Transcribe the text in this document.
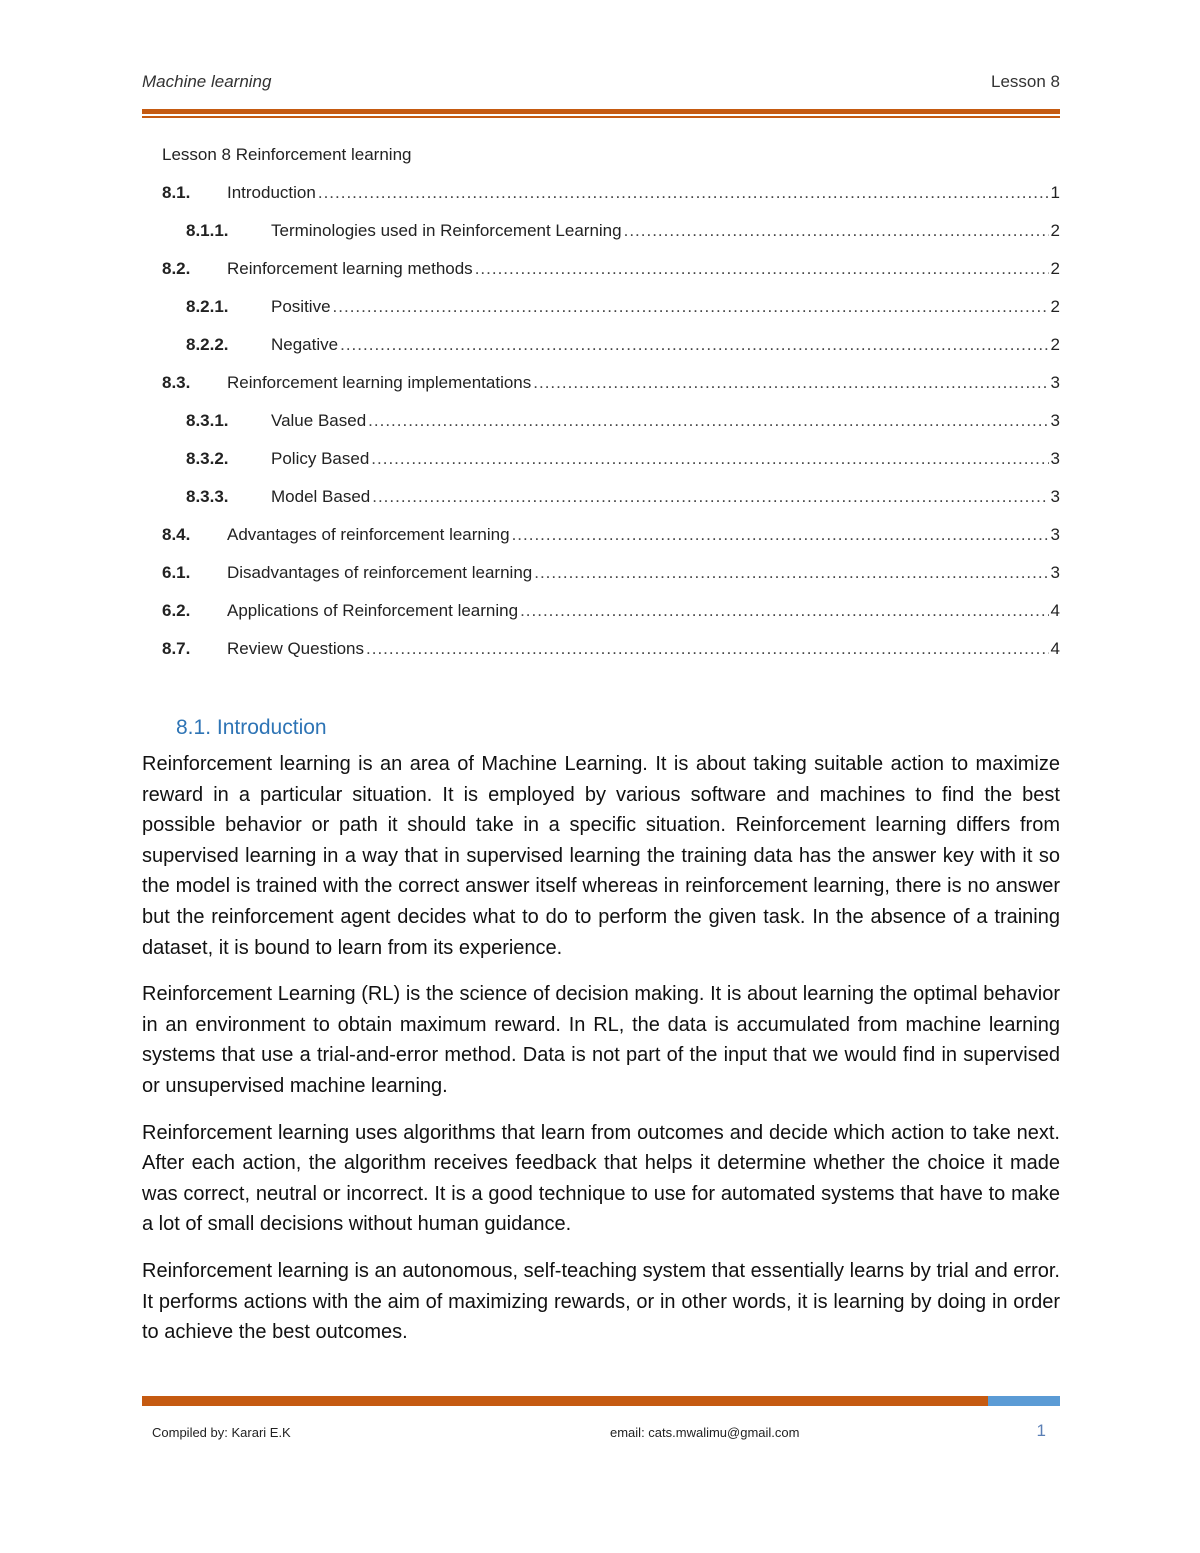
Machine learning	Lesson 8
Lesson 8 Reinforcement learning
8.1.	Introduction .....	1
8.1.1.	Terminologies used in Reinforcement Learning .....	2
8.2.	Reinforcement learning methods .....	2
8.2.1.	Positive .....	2
8.2.2.	Negative .....	2
8.3.	Reinforcement learning implementations .....	3
8.3.1.	Value Based .....	3
8.3.2.	Policy Based .....	3
8.3.3.	Model Based .....	3
8.4.	Advantages of reinforcement learning .....	3
6.1.	Disadvantages of reinforcement learning .....	3
6.2.	Applications of Reinforcement learning .....	4
8.7.	Review Questions .....	4
8.1. Introduction

Reinforcement learning is an area of Machine Learning. It is about taking suitable action to maximize reward in a particular situation. It is employed by various software and machines to find the best possible behavior or path it should take in a specific situation. Reinforcement learning differs from supervised learning in a way that in supervised learning the training data has the answer key with it so the model is trained with the correct answer itself whereas in reinforcement learning, there is no answer but the reinforcement agent decides what to do to perform the given task. In the absence of a training dataset, it is bound to learn from its experience.

Reinforcement Learning (RL) is the science of decision making. It is about learning the optimal behavior in an environment to obtain maximum reward. In RL, the data is accumulated from machine learning systems that use a trial-and-error method. Data is not part of the input that we would find in supervised or unsupervised machine learning.

Reinforcement learning uses algorithms that learn from outcomes and decide which action to take next. After each action, the algorithm receives feedback that helps it determine whether the choice it made was correct, neutral or incorrect. It is a good technique to use for automated systems that have to make a lot of small decisions without human guidance.

Reinforcement learning is an autonomous, self-teaching system that essentially learns by trial and error. It performs actions with the aim of maximizing rewards, or in other words, it is learning by doing in order to achieve the best outcomes.

Compiled by: Karari E.K	email: cats.mwalimu@gmail.com	1
